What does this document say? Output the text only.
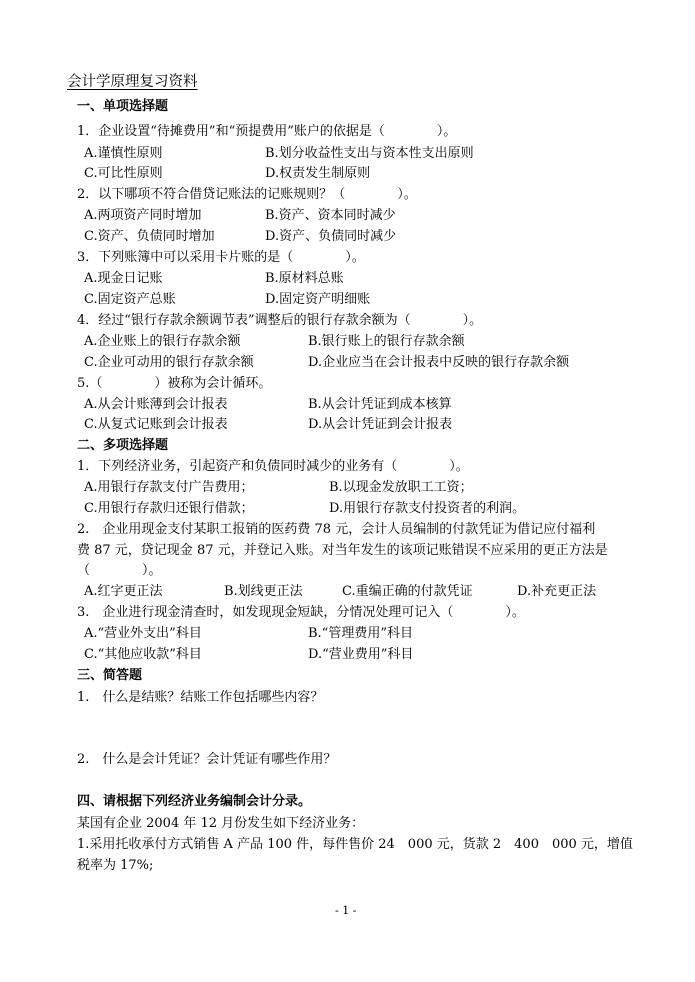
会计学原理复习资料
一、单项选择题
1．企业设置“待摊费用”和“预提费用”账户的依据是（　　　　）。
A.谨慎性原则	B.划分收益性支出与资本性支出原则
C.可比性原则	D.权责发生制原则
2．以下哪项不符合借贷记账法的记账规则？（　　　　）。
A.两项资产同时增加	B.资产、资本同时减少
C.资产、负债同时增加	D.资产、负债同时减少
3．下列账簿中可以采用卡片账的是（　　　　）。
A.现金日记账	B.原材料总账
C.固定资产总账	D.固定资产明细账
4．经过“银行存款余额调节表”调整后的银行存款余额为（　　　　）。
A.企业账上的银行存款余额	B.银行账上的银行存款余额
C.企业可动用的银行存款余额	D.企业应当在会计报表中反映的银行存款余额
5.（　　　　）被称为会计循环。
A.从会计账薄到会计报表	B.从会计凭证到成本核算
C.从复式记账到会计报表	D.从会计凭证到会计报表
二、多项选择题
1．下列经济业务，引起资产和负债同时减少的业务有（　　　　）。
A.用银行存款支付广告费用；	B.以现金发放职工工资；
C.用银行存款归还银行借款；	D.用银行存款支付投资者的利润。
2.　企业用现金支付某职工报销的医药费 78 元，会计人员编制的付款凭证为借记应付福利
费 87 元，贷记现金 87 元，并登记入账。对当年发生的该项记账错误不应采用的更正方法是
（　　　　）。
A.红字更正法	B.划线更正法	C.重编正确的付款凭证	D.补充更正法
3.　企业进行现金清查时，如发现现金短缺，分情况处理可记入（　　　　）。
A.“营业外支出”科目	B.“管理费用”科目
C.“其他应收款”科目	D.“营业费用”科目
三、简答题
1.　什么是结账？结账工作包括哪些内容？
2.　什么是会计凭证？会计凭证有哪些作用？
四、请根据下列经济业务编制会计分录。
某国有企业 2004 年 12 月份发生如下经济业务：
1.采用托收承付方式销售 A 产品 100 件，每件售价 24　000 元，货款 2　400　000 元，增值
税率为 17%;
- 1 -
